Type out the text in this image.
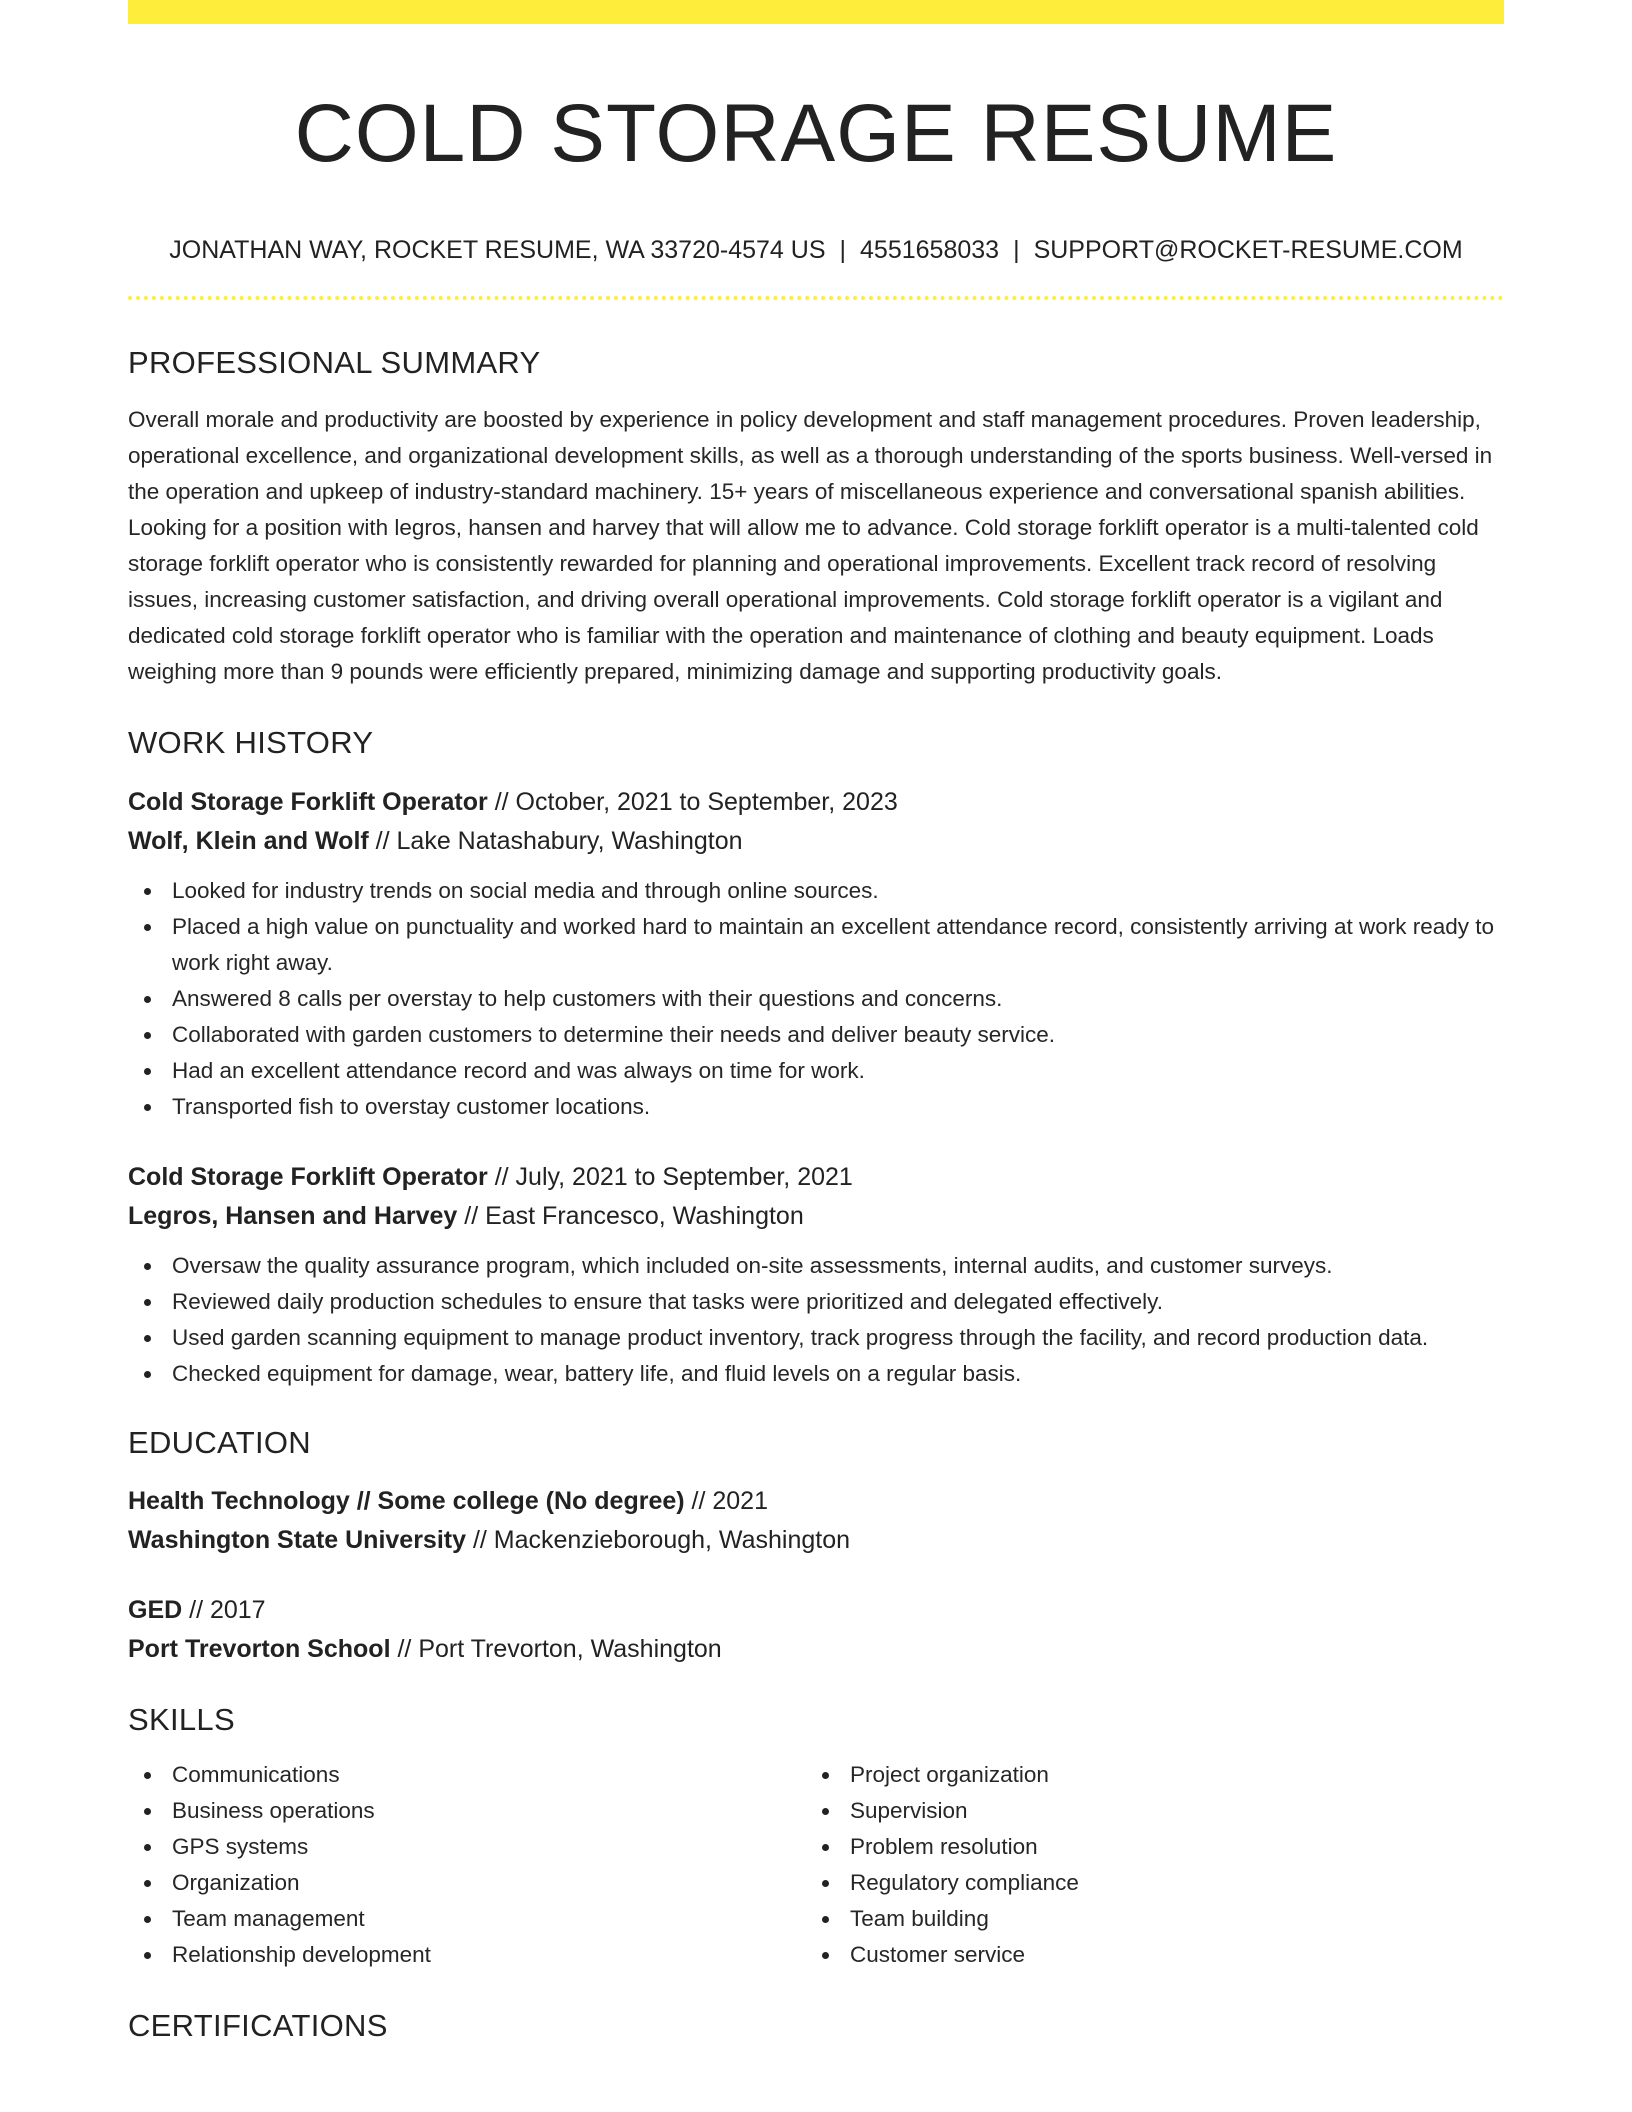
COLD STORAGE RESUME
JONATHAN WAY, ROCKET RESUME, WA 33720-4574 US | 4551658033 | SUPPORT@ROCKET-RESUME.COM
PROFESSIONAL SUMMARY

Overall morale and productivity are boosted by experience in policy development and staff management procedures. Proven leadership, operational excellence, and organizational development skills, as well as a thorough understanding of the sports business. Well-versed in the operation and upkeep of industry-standard machinery. 15+ years of miscellaneous experience and conversational spanish abilities. Looking for a position with legros, hansen and harvey that will allow me to advance. Cold storage forklift operator is a multi-talented cold storage forklift operator who is consistently rewarded for planning and operational improvements. Excellent track record of resolving issues, increasing customer satisfaction, and driving overall operational improvements. Cold storage forklift operator is a vigilant and dedicated cold storage forklift operator who is familiar with the operation and maintenance of clothing and beauty equipment. Loads weighing more than 9 pounds were efficiently prepared, minimizing damage and supporting productivity goals.

WORK HISTORY
Cold Storage Forklift Operator // October, 2021 to September, 2023
Wolf, Klein and Wolf // Lake Natashabury, Washington
Looked for industry trends on social media and through online sources.
Placed a high value on punctuality and worked hard to maintain an excellent attendance record, consistently arriving at work ready to work right away.
Answered 8 calls per overstay to help customers with their questions and concerns.
Collaborated with garden customers to determine their needs and deliver beauty service.
Had an excellent attendance record and was always on time for work.
Transported fish to overstay customer locations.
Cold Storage Forklift Operator // July, 2021 to September, 2021
Legros, Hansen and Harvey // East Francesco, Washington
Oversaw the quality assurance program, which included on-site assessments, internal audits, and customer surveys.
Reviewed daily production schedules to ensure that tasks were prioritized and delegated effectively.
Used garden scanning equipment to manage product inventory, track progress through the facility, and record production data.
Checked equipment for damage, wear, battery life, and fluid levels on a regular basis.
EDUCATION
Health Technology // Some college (No degree) // 2021
Washington State University // Mackenzieborough, Washington
GED // 2017
Port Trevorton School // Port Trevorton, Washington
SKILLS
Communications
Business operations
GPS systems
Organization
Team management
Relationship development
Project organization
Supervision
Problem resolution
Regulatory compliance
Team building
Customer service
CERTIFICATIONS
